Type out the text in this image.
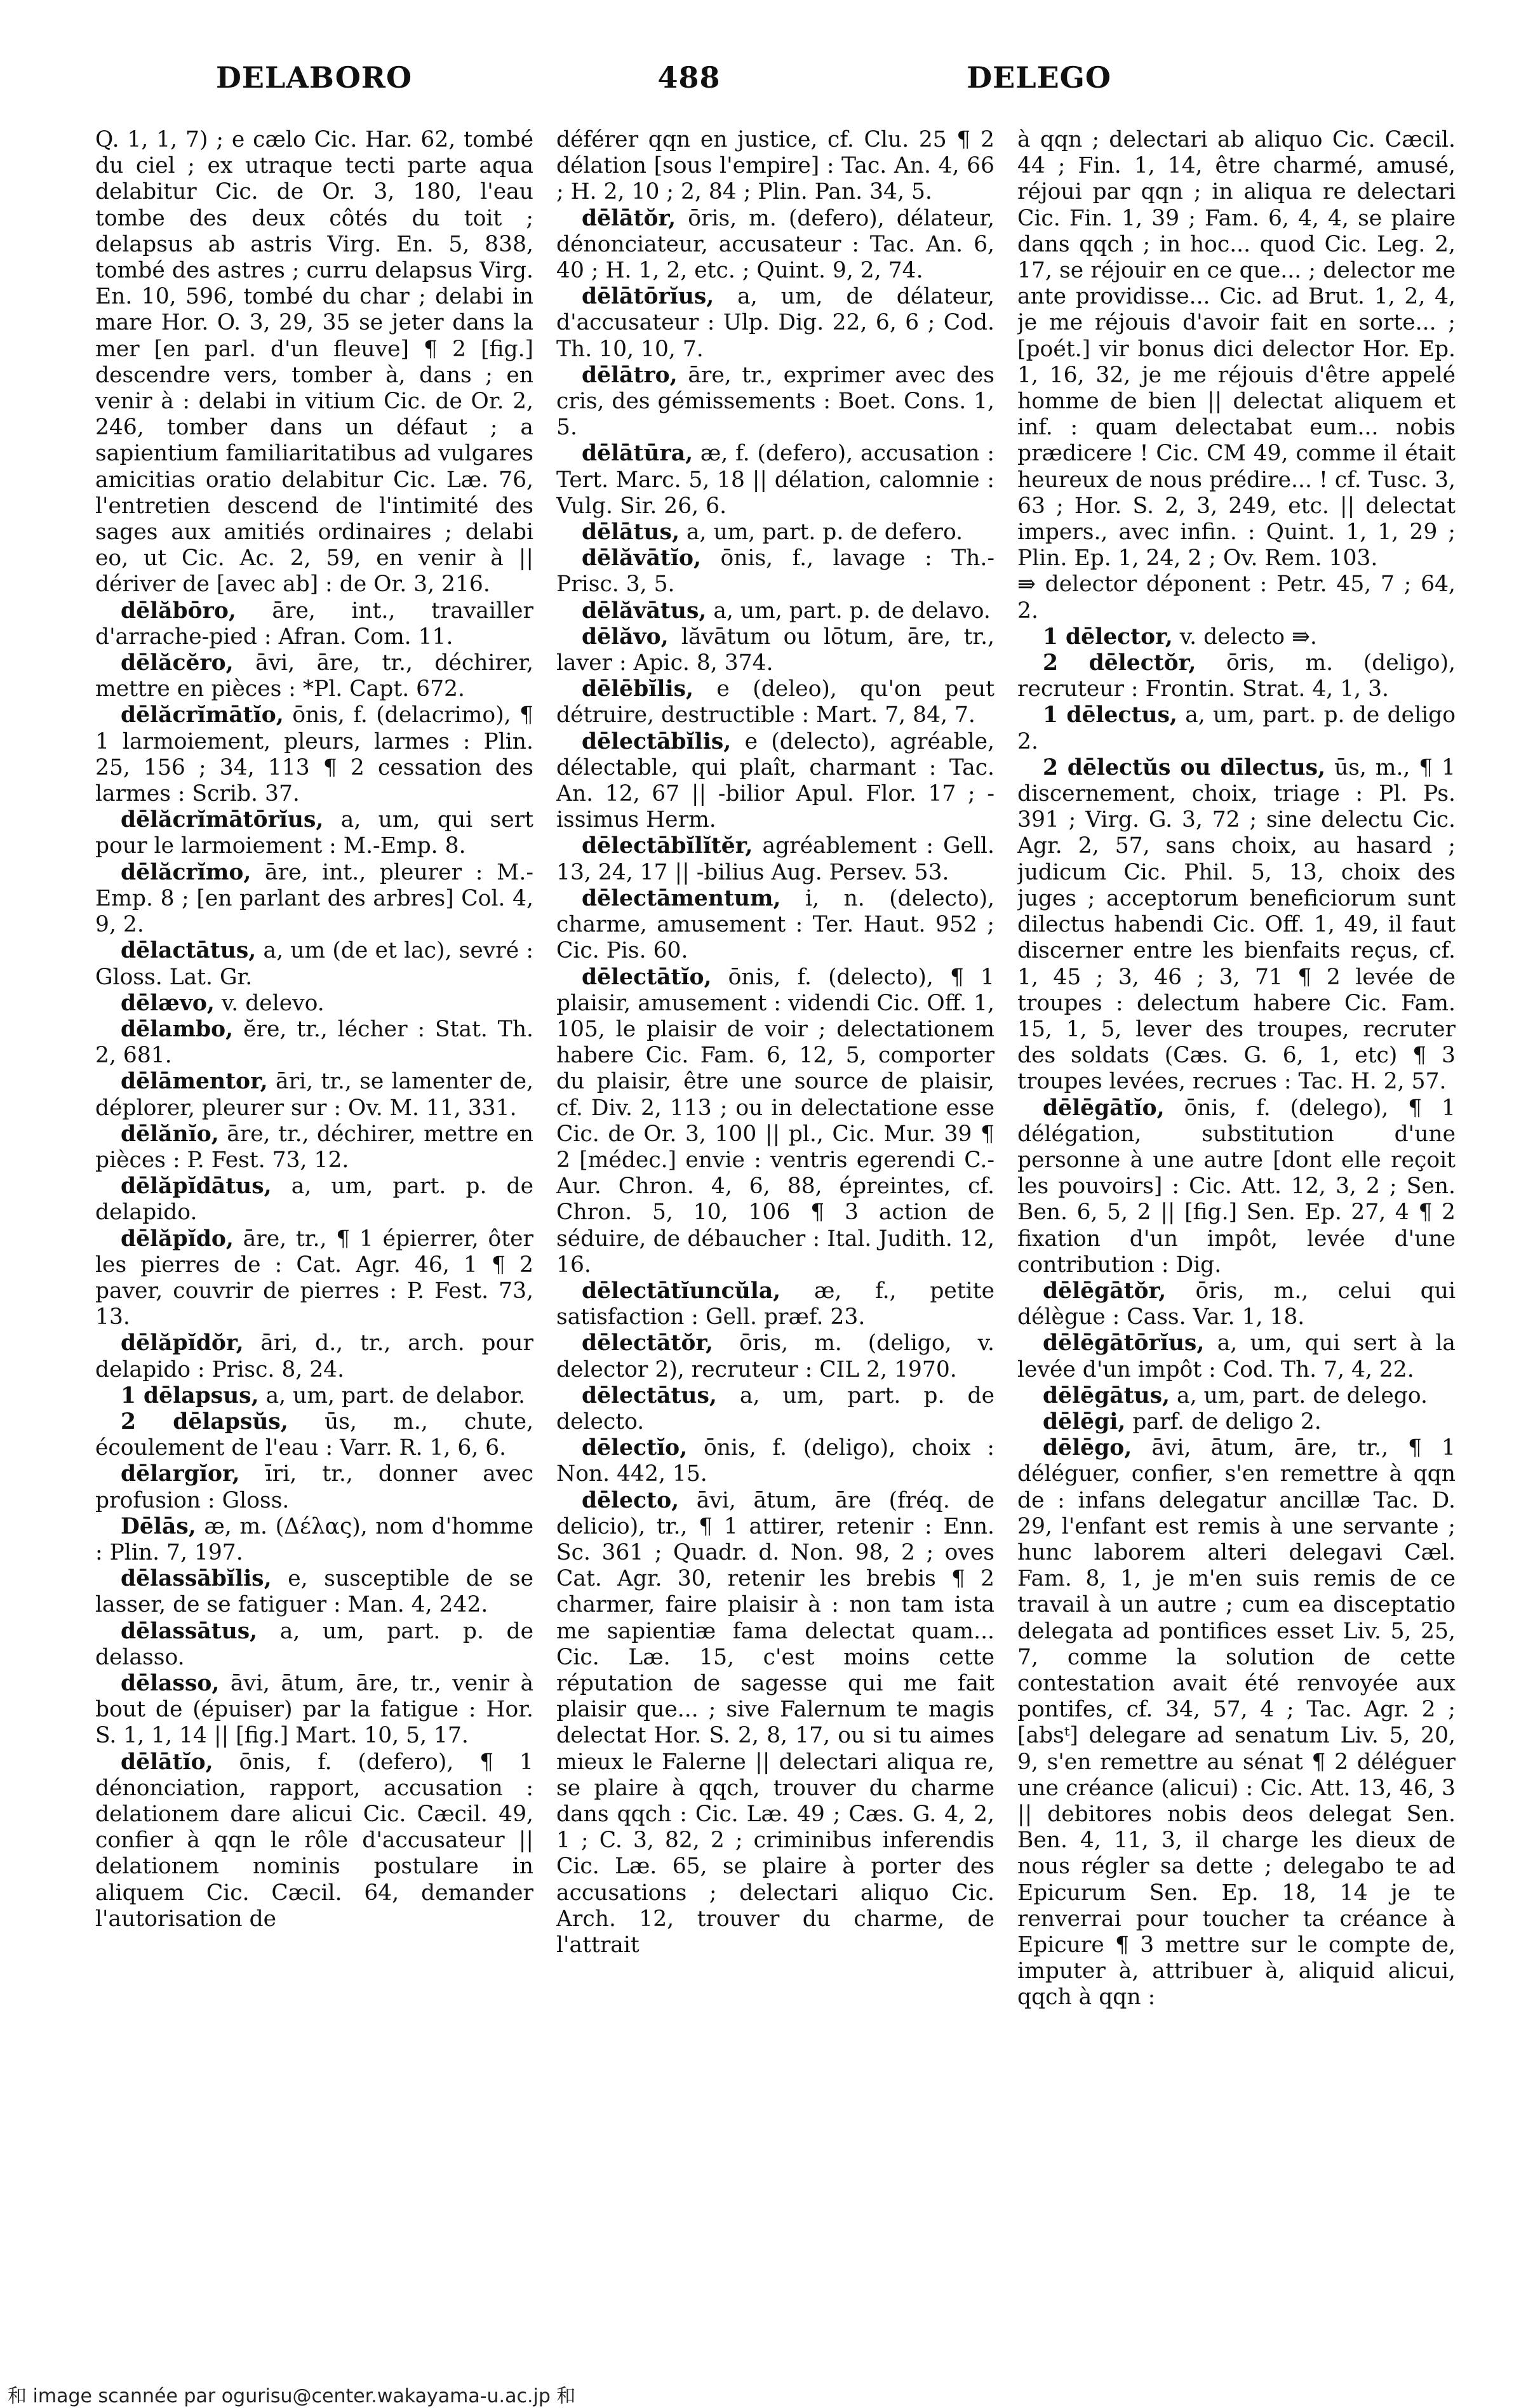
DELABORO	488	DELEGO

Q. 1, 1, 7) ; e cælo Cic. Har. 62, tombé du ciel ; ex utraque tecti parte aqua delabitur Cic. de Or. 3, 180, l'eau tombe des deux côtés du toit ; delapsus ab astris Virg. En. 5, 838, tombé des astres ; curru delapsus Virg. En. 10, 596, tombé du char ; delabi in mare Hor. O. 3, 29, 35 se jeter dans la mer [en parl. d'un fleuve] ¶ 2 [fig.] descendre vers, tomber à, dans ; en venir à : delabi in vitium Cic. de Or. 2, 246, tomber dans un défaut ; a sapientium familiaritatibus ad vulgares amicitias oratio delabitur Cic. Læ. 76, l'entretien descend de l'intimité des sages aux amitiés ordinaires ; delabi eo, ut Cic. Ac. 2, 59, en venir à || dériver de [avec ab] : de Or. 3, 216.

dēlăbōro, āre, int., travailler d'arrache-pied : Afran. Com. 11.

dēlăcĕro, āvi, āre, tr., déchirer, mettre en pièces : *Pl. Capt. 672.

dēlăcrĭmātĭo, ōnis, f. (delacrimo), ¶ 1 larmoiement, pleurs, larmes : Plin. 25, 156 ; 34, 113 ¶ 2 cessation des larmes : Scrib. 37.

dēlăcrĭmātōrĭus, a, um, qui sert pour le larmoiement : M.-Emp. 8.

dēlăcrĭmo, āre, int., pleurer : M.-Emp. 8 ; [en parlant des arbres] Col. 4, 9, 2.

dēlactātus, a, um (de et lac), sevré : Gloss. Lat. Gr.

dēlævo, v. delevo.

dēlambo, ĕre, tr., lécher : Stat. Th. 2, 681.

dēlāmentor, āri, tr., se lamenter de, déplorer, pleurer sur : Ov. M. 11, 331.

dēlănĭo, āre, tr., déchirer, mettre en pièces : P. Fest. 73, 12.

dēlăpĭdātus, a, um, part. p. de delapido.

dēlăpĭdo, āre, tr., ¶ 1 épierrer, ôter les pierres de : Cat. Agr. 46, 1 ¶ 2 paver, couvrir de pierres : P. Fest. 73, 13.

dēlăpĭdŏr, āri, d., tr., arch. pour delapido : Prisc. 8, 24.

1 dēlapsus, a, um, part. de delabor.

2 dēlapsŭs, ūs, m., chute, écoulement de l'eau : Varr. R. 1, 6, 6.

dēlargĭor, īri, tr., donner avec profusion : Gloss.

Dēlās, æ, m. (Δέλας), nom d'homme : Plin. 7, 197.

dēlassābĭlis, e, susceptible de se lasser, de se fatiguer : Man. 4, 242.

dēlassātus, a, um, part. p. de delasso.

dēlasso, āvi, ātum, āre, tr., venir à bout de (épuiser) par la fatigue : Hor. S. 1, 1, 14 || [fig.] Mart. 10, 5, 17.

dēlātĭo, ōnis, f. (defero), ¶ 1 dénonciation, rapport, accusation : delationem dare alicui Cic. Cæcil. 49, confier à qqn le rôle d'accusateur || delationem nominis postulare in aliquem Cic. Cæcil. 64, demander l'autorisation de

déférer qqn en justice, cf. Clu. 25 ¶ 2 délation [sous l'empire] : Tac. An. 4, 66 ; H. 2, 10 ; 2, 84 ; Plin. Pan. 34, 5.

dēlātŏr, ōris, m. (defero), délateur, dénonciateur, accusateur : Tac. An. 6, 40 ; H. 1, 2, etc. ; Quint. 9, 2, 74.

dēlātōrĭus, a, um, de délateur, d'accusateur : Ulp. Dig. 22, 6, 6 ; Cod. Th. 10, 10, 7.

dēlātro, āre, tr., exprimer avec des cris, des gémissements : Boet. Cons. 1, 5.

dēlātūra, æ, f. (defero), accusation : Tert. Marc. 5, 18 || délation, calomnie : Vulg. Sir. 26, 6.

dēlātus, a, um, part. p. de defero.

dēlăvātĭo, ōnis, f., lavage : Th.-Prisc. 3, 5.

dēlăvātus, a, um, part. p. de delavo.

dēlăvo, lăvātum ou lōtum, āre, tr., laver : Apic. 8, 374.

dēlēbĭlis, e (deleo), qu'on peut détruire, destructible : Mart. 7, 84, 7.

dēlectābĭlis, e (delecto), agréable, délectable, qui plaît, charmant : Tac. An. 12, 67 || -bilior Apul. Flor. 17 ; -issimus Herm.

dēlectābĭlĭtĕr, agréablement : Gell. 13, 24, 17 || -bilius Aug. Persev. 53.

dēlectāmentum, i, n. (delecto), charme, amusement : Ter. Haut. 952 ; Cic. Pis. 60.

dēlectātĭo, ōnis, f. (delecto), ¶ 1 plaisir, amusement : videndi Cic. Off. 1, 105, le plaisir de voir ; delectationem habere Cic. Fam. 6, 12, 5, comporter du plaisir, être une source de plaisir, cf. Div. 2, 113 ; ou in delectatione esse Cic. de Or. 3, 100 || pl., Cic. Mur. 39 ¶ 2 [médec.] envie : ventris egerendi C.-Aur. Chron. 4, 6, 88, épreintes, cf. Chron. 5, 10, 106 ¶ 3 action de séduire, de débaucher : Ital. Judith. 12, 16.

dēlectātĭuncŭla, æ, f., petite satisfaction : Gell. præf. 23.

dēlectātŏr, ōris, m. (deligo, v. delector 2), recruteur : CIL 2, 1970.

dēlectātus, a, um, part. p. de delecto.

dēlectĭo, ōnis, f. (deligo), choix : Non. 442, 15.

dēlecto, āvi, ātum, āre (fréq. de delicio), tr., ¶ 1 attirer, retenir : Enn. Sc. 361 ; Quadr. d. Non. 98, 2 ; oves Cat. Agr. 30, retenir les brebis ¶ 2 charmer, faire plaisir à : non tam ista me sapientiæ fama delectat quam... Cic. Læ. 15, c'est moins cette réputation de sagesse qui me fait plaisir que... ; sive Falernum te magis delectat Hor. S. 2, 8, 17, ou si tu aimes mieux le Falerne || delectari aliqua re, se plaire à qqch, trouver du charme dans qqch : Cic. Læ. 49 ; Cæs. G. 4, 2, 1 ; C. 3, 82, 2 ; criminibus inferendis Cic. Læ. 65, se plaire à porter des accusations ; delectari aliquo Cic. Arch. 12, trouver du charme, de l'attrait

à qqn ; delectari ab aliquo Cic. Cæcil. 44 ; Fin. 1, 14, être charmé, amusé, réjoui par qqn ; in aliqua re delectari Cic. Fin. 1, 39 ; Fam. 6, 4, 4, se plaire dans qqch ; in hoc... quod Cic. Leg. 2, 17, se réjouir en ce que... ; delector me ante providisse... Cic. ad Brut. 1, 2, 4, je me réjouis d'avoir fait en sorte... ; [poét.] vir bonus dici delector Hor. Ep. 1, 16, 32, je me réjouis d'être appelé homme de bien || delectat aliquem et inf. : quam delectabat eum... nobis prædicere ! Cic. CM 49, comme il était heureux de nous prédire... ! cf. Tusc. 3, 63 ; Hor. S. 2, 3, 249, etc. || delectat impers., avec infin. : Quint. 1, 1, 29 ; Plin. Ep. 1, 24, 2 ; Ov. Rem. 103.

⇛ delector déponent : Petr. 45, 7 ; 64, 2.

1 dēlector, v. delecto ⇛.

2 dēlectŏr, ōris, m. (deligo), recruteur : Frontin. Strat. 4, 1, 3.

1 dēlectus, a, um, part. p. de deligo 2.

2 dēlectŭs ou dīlectus, ūs, m., ¶ 1 discernement, choix, triage : Pl. Ps. 391 ; Virg. G. 3, 72 ; sine delectu Cic. Agr. 2, 57, sans choix, au hasard ; judicum Cic. Phil. 5, 13, choix des juges ; acceptorum beneficiorum sunt dilectus habendi Cic. Off. 1, 49, il faut discerner entre les bienfaits reçus, cf. 1, 45 ; 3, 46 ; 3, 71 ¶ 2 levée de troupes : delectum habere Cic. Fam. 15, 1, 5, lever des troupes, recruter des soldats (Cæs. G. 6, 1, etc) ¶ 3 troupes levées, recrues : Tac. H. 2, 57.

dēlēgātĭo, ōnis, f. (delego), ¶ 1 délégation, substitution d'une personne à une autre [dont elle reçoit les pouvoirs] : Cic. Att. 12, 3, 2 ; Sen. Ben. 6, 5, 2 || [fig.] Sen. Ep. 27, 4 ¶ 2 fixation d'un impôt, levée d'une contribution : Dig.

dēlēgātŏr, ōris, m., celui qui délègue : Cass. Var. 1, 18.

dēlēgātōrĭus, a, um, qui sert à la levée d'un impôt : Cod. Th. 7, 4, 22.

dēlēgātus, a, um, part. de delego.

dēlēgi, parf. de deligo 2.

dēlēgo, āvi, ātum, āre, tr., ¶ 1 déléguer, confier, s'en remettre à qqn de : infans delegatur ancillæ Tac. D. 29, l'enfant est remis à une servante ; hunc laborem alteri delegavi Cæl. Fam. 8, 1, je m'en suis remis de ce travail à un autre ; cum ea disceptatio delegata ad pontifices esset Liv. 5, 25, 7, comme la solution de cette contestation avait été renvoyée aux pontifes, cf. 34, 57, 4 ; Tac. Agr. 2 ; [absᵗ] delegare ad senatum Liv. 5, 20, 9, s'en remettre au sénat ¶ 2 déléguer une créance (alicui) : Cic. Att. 13, 46, 3 || debitores nobis deos delegat Sen. Ben. 4, 11, 3, il charge les dieux de nous régler sa dette ; delegabo te ad Epicurum Sen. Ep. 18, 14 je te renverrai pour toucher ta créance à Epicure ¶ 3 mettre sur le compte de, imputer à, attribuer à, aliquid alicui, qqch à qqn :

和 image scannée par ogurisu@center.wakayama-u.ac.jp 和
